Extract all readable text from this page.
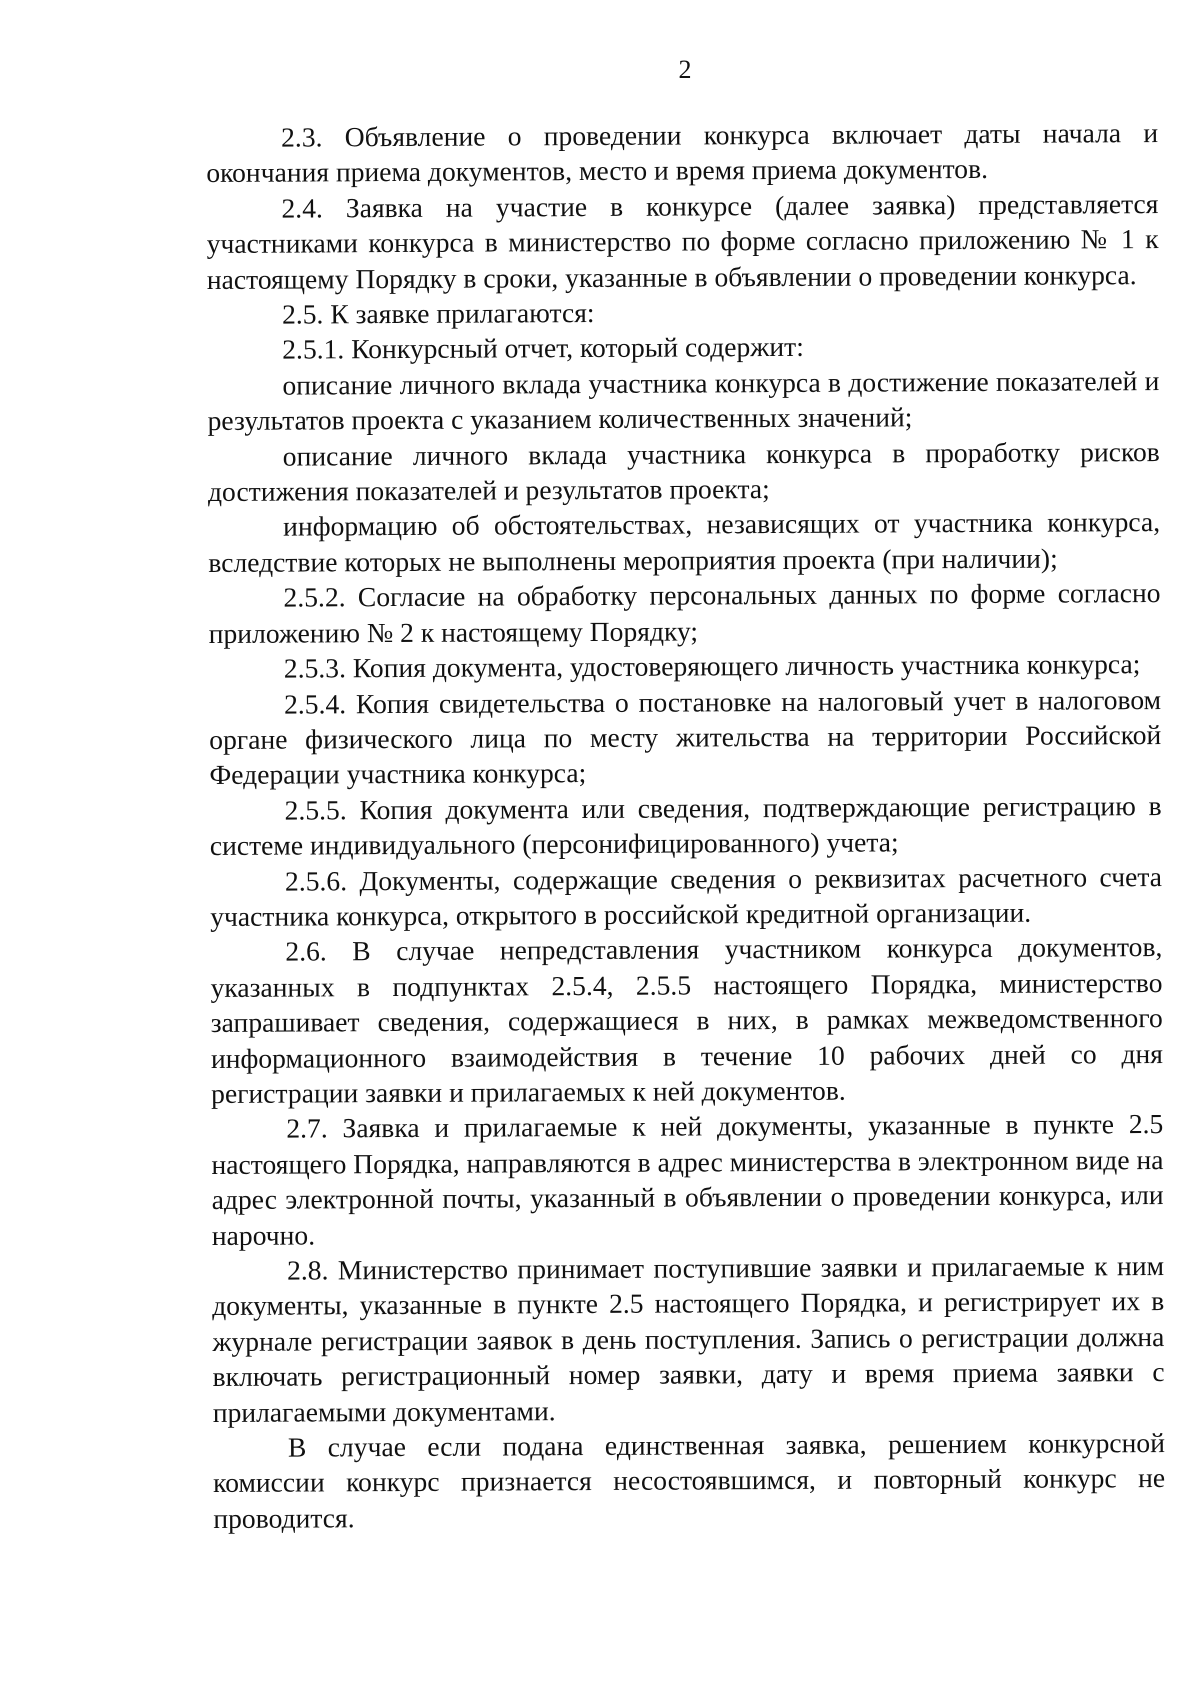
2

2.3. Объявление о проведении конкурса включает даты начала и окончания приема документов, место и время приема документов.

2.4. Заявка на участие в конкурсе (далее заявка) представляется участниками конкурса в министерство по форме согласно приложению № 1 к настоящему Порядку в сроки, указанные в объявлении о проведении конкурса.

2.5. К заявке прилагаются:

2.5.1. Конкурсный отчет, который содержит:

описание личного вклада участника конкурса в достижение показателей и результатов проекта с указанием количественных значений;

описание личного вклада участника конкурса в проработку рисков достижения показателей и результатов проекта;

информацию об обстоятельствах, независящих от участника конкурса, вследствие которых не выполнены мероприятия проекта (при наличии);

2.5.2. Согласие на обработку персональных данных по форме согласно приложению № 2 к настоящему Порядку;

2.5.3. Копия документа, удостоверяющего личность участника конкурса;

2.5.4. Копия свидетельства о постановке на налоговый учет в налоговом органе физического лица по месту жительства на территории Российской Федерации участника конкурса;

2.5.5. Копия документа или сведения, подтверждающие регистрацию в системе индивидуального (персонифицированного) учета;

2.5.6. Документы, содержащие сведения о реквизитах расчетного счета участника конкурса, открытого в российской кредитной организации.

2.6. В случае непредставления участником конкурса документов, указанных в подпунктах 2.5.4, 2.5.5 настоящего Порядка, министерство запрашивает сведения, содержащиеся в них, в рамках межведомственного информационного взаимодействия в течение 10 рабочих дней со дня регистрации заявки и прилагаемых к ней документов.

2.7. Заявка и прилагаемые к ней документы, указанные в пункте 2.5 настоящего Порядка, направляются в адрес министерства в электронном виде на адрес электронной почты, указанный в объявлении о проведении конкурса, или нарочно.

2.8. Министерство принимает поступившие заявки и прилагаемые к ним документы, указанные в пункте 2.5 настоящего Порядка, и регистрирует их в журнале регистрации заявок в день поступления. Запись о регистрации должна включать регистрационный номер заявки, дату и время приема заявки с прилагаемыми документами.

В случае если подана единственная заявка, решением конкурсной комиссии конкурс признается несостоявшимся, и повторный конкурс не проводится.
